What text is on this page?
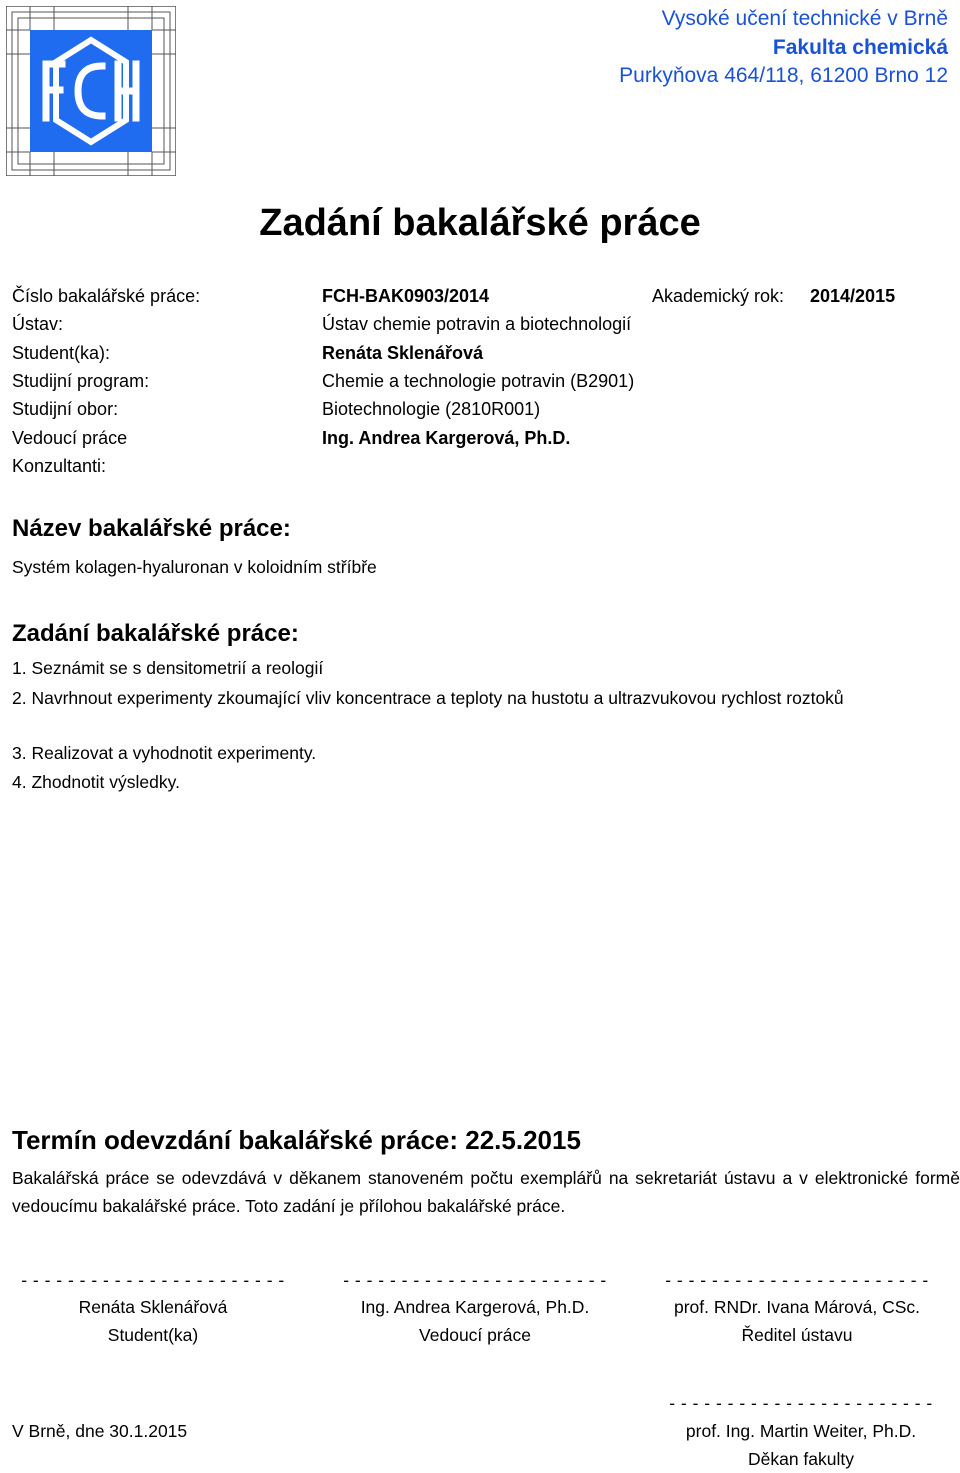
Vysoké učení technické v Brně
Fakulta chemická
Purkyňova 464/118, 61200 Brno 12
Zadání bakalářské práce
Číslo bakalářské práce:	FCH-BAK0903/2014	Akademický rok: 2014/2015
Ústav:	Ústav chemie potravin a biotechnologií
Student(ka):	Renáta Sklenářová
Studijní program:	Chemie a technologie potravin (B2901)
Studijní obor:	Biotechnologie (2810R001)
Vedoucí práce	Ing. Andrea Kargerová, Ph.D.
Konzultanti:
Název bakalářské práce:
Systém kolagen-hyaluronan v koloidním stříbře
Zadání bakalářské práce:
1. Seznámit se s densitometrií a reologií
2. Navrhnout experimenty zkoumající vliv koncentrace a teploty na hustotu a ultrazvukovou rychlost roztoků
3. Realizovat a vyhodnotit experimenty.
4. Zhodnotit výsledky.
Termín odevzdání bakalářské práce: 22.5.2015
Bakalářská práce se odevzdává v děkanem stanoveném počtu exemplářů na sekretariát ústavu a v elektronické formě vedoucímu bakalářské práce. Toto zadání je přílohou bakalářské práce.
- - - - - - - - - - - - - - - - - - - - - - -	- - - - - - - - - - - - - - - - - - - - - - -	- - - - - - - - - - - - - - - - - - - - - - -
Renáta Sklenářová	Ing. Andrea Kargerová, Ph.D.	prof. RNDr. Ivana Márová, CSc.
Student(ka)	Vedoucí práce	Ředitel ústavu
- - - - - - - - - - - - - - - - - - - - - - -
V Brně, dne 30.1.2015	prof. Ing. Martin Weiter, Ph.D.
Děkan fakulty
